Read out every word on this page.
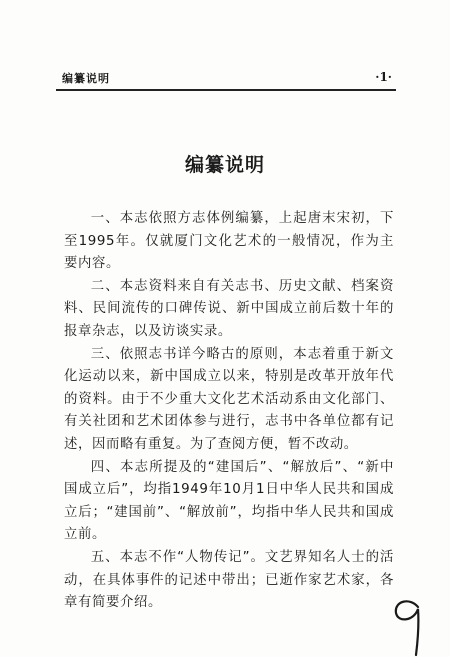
编纂说明	·1·
编纂说明

一、本志依照方志体例编纂，上起唐末宋初，下至1995年。仅就厦门文化艺术的一般情况，作为主要内容。

二、本志资料来自有关志书、历史文献、档案资料、民间流传的口碑传说、新中国成立前后数十年的报章杂志，以及访谈实录。

三、依照志书详今略古的原则，本志着重于新文化运动以来，新中国成立以来，特别是改革开放年代的资料。由于不少重大文化艺术活动系由文化部门、有关社团和艺术团体参与进行，志书中各单位都有记述，因而略有重复。为了查阅方便，暂不改动。

四、本志所提及的“建国后”、“解放后”、“新中国成立后”，均指1949年10月1日中华人民共和国成立后；“建国前”、“解放前”，均指中华人民共和国成立前。

五、本志不作“人物传记”。文艺界知名人士的活动，在具体事件的记述中带出；已逝作家艺术家，各章有简要介绍。
